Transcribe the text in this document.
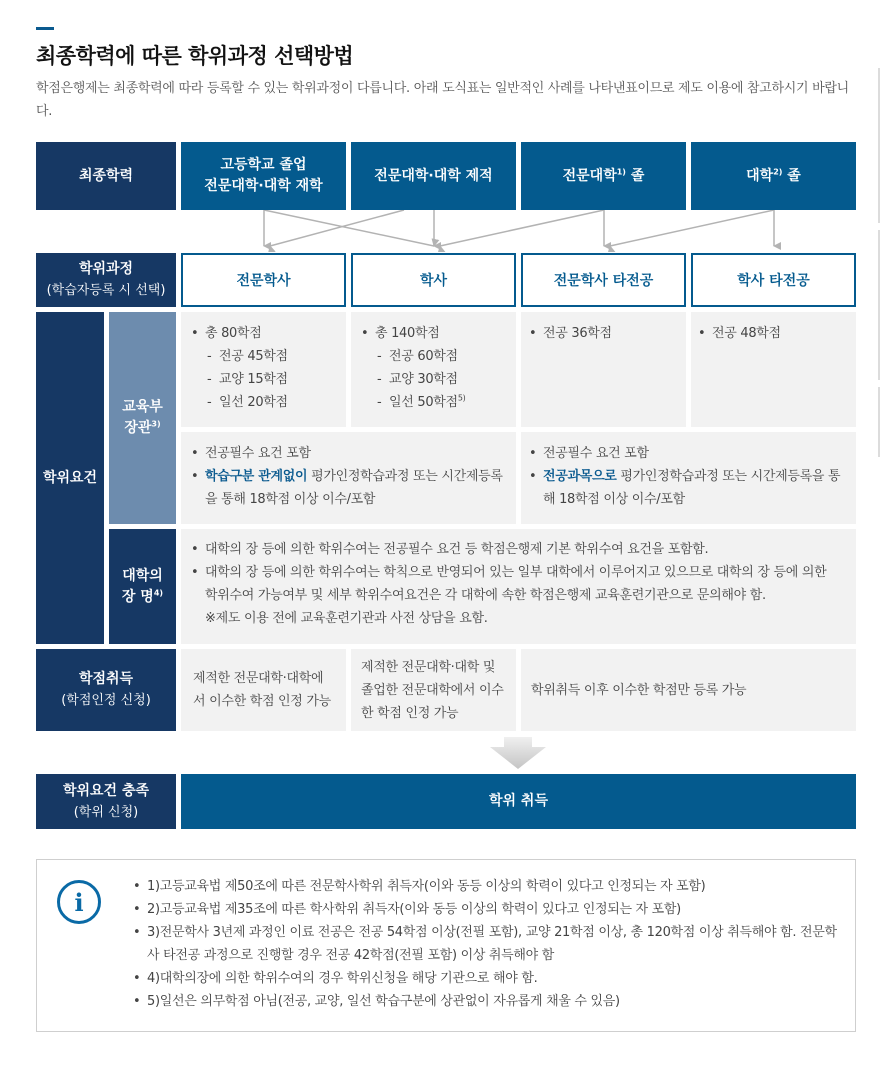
최종학력에 따른 학위과정 선택방법

학점은행제는 최종학력에 따라 등록할 수 있는 학위과정이 다릅니다. 아래 도식표는 일반적인 사례를 나타낸표이므로 제도 이용에 참고하시기 바랍니다.

최종학력
고등학교 졸업
전문대학·대학 재학
전문대학·대학 제적	전문대학$^{1)}$ 졸	대학$^{2)}$ 졸
학위과정
(학습자등록 시 선택)
전문학사	학사	전문학사 타전공	학사 타전공
학위요건
교육부
장관$^{3)}$
대학의
장 명$^{4)}$
• 총 80학점
- 전공 45학점
- 교양 15학점
- 일선 20학점
• 총 140학점
- 전공 60학점
- 교양 30학점
- 일선 50학점$^{5)}$
• 전공 36학점
•	전공 48학점
• 전공필수 요건 포함
• 학습구분 관계없이 평가인정학습과정 또는 시간제등록을 통해 18학점 이상 이수/포함
• 전공필수 요건 포함
• 전공과목으로 평가인정학습과정 또는 시간제등록을 통해 18학점 이상 이수/포함
• 대학의 장 등에 의한 학위수여는 전공필수 요건 등 학점은행제 기본 학위수여 요건을 포함함.
• 대학의 장 등에 의한 학위수여는 학칙으로 반영되어 있는 일부 대학에서 이루어지고 있으므로 대학의 장 등에 의한 학위수여 가능여부 및 세부 학위수여요건은 각 대학에 속한 학점은행제 교육훈련기관으로 문의해야 함.
※제도 이용 전에 교육훈련기관과 사전 상담을 요함.
학점취득
(학점인정 신청)
제적한 전문대학·대학에서 이수한 학점 인정 가능
제적한 전문대학·대학 및 졸업한 전문대학에서 이수한 학점 인정 가능
학위취득 이후 이수한 학점만 등록 가능
학위요건 충족
(학위 신청)
학위 취득
i
• 1)고등교육법 제50조에 따른 전문학사학위 취득자(이와 동등 이상의 학력이 있다고 인정되는 자 포함)
• 2)고등교육법 제35조에 따른 학사학위 취득자(이와 동등 이상의 학력이 있다고 인정되는 자 포함)
• 3)전문학사 3년제 과정인 이료 전공은 전공 54학점 이상(전필 포함), 교양 21학점 이상, 총 120학점 이상 취득해야 함. 전문학사 타전공 과정으로 진행할 경우 전공 42학점(전필 포함) 이상 취득해야 함
• 4)대학의장에 의한 학위수여의 경우 학위신청을 해당 기관으로 해야 함.
• 5)일선은 의무학점 아님(전공, 교양, 일선 학습구분에 상관없이 자유롭게 채울 수 있음)
